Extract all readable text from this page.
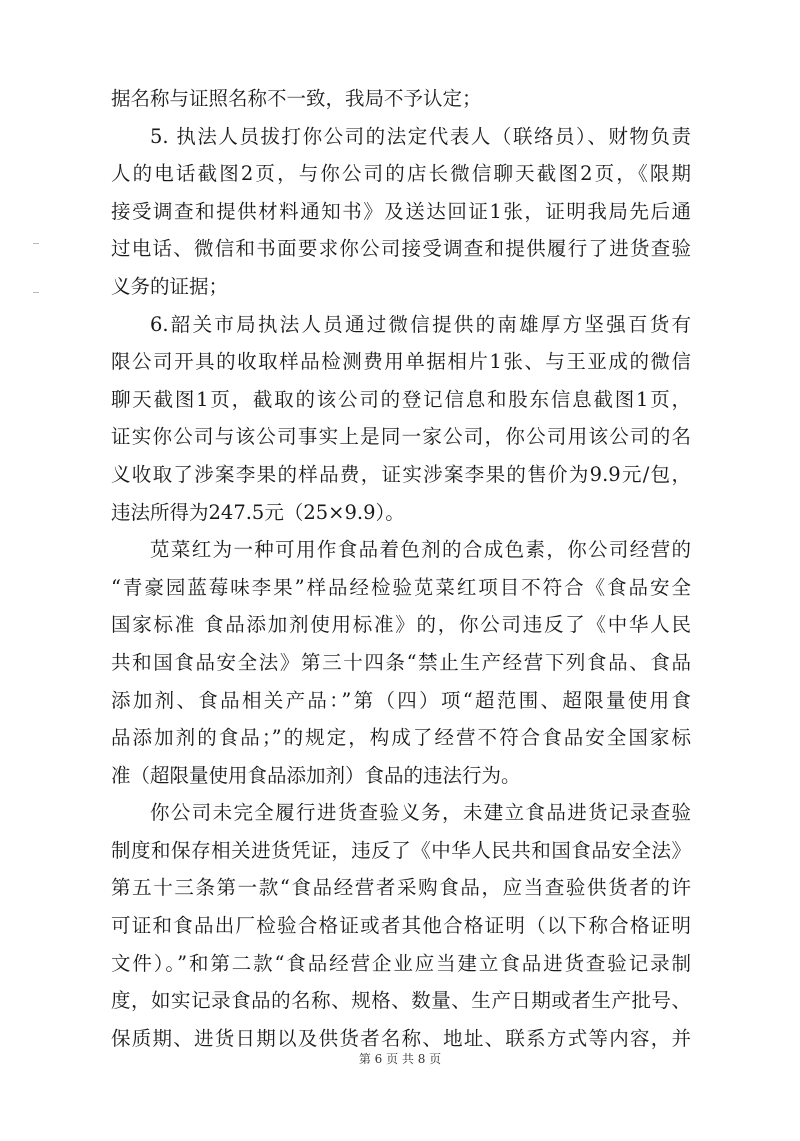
据名称与证照名称不一致，我局不予认定；
5. 执法人员拔打你公司的法定代表人（联络员）、财物负责
人的电话截图2页，与你公司的店长微信聊天截图2页，《限期
接受调查和提供材料通知书》及送达回证1张，证明我局先后通
过电话、微信和书面要求你公司接受调查和提供履行了进货查验
义务的证据；
6.韶关市局执法人员通过微信提供的南雄厚方坚强百货有
限公司开具的收取样品检测费用单据相片1张、与王亚成的微信
聊天截图1页，截取的该公司的登记信息和股东信息截图1页，
证实你公司与该公司事实上是同一家公司，你公司用该公司的名
义收取了涉案李果的样品费，证实涉案李果的售价为9.9元/包，
违法所得为247.5元（25×9.9）。
苋菜红为一种可用作食品着色剂的合成色素，你公司经营的
“青豪园蓝莓味李果”样品经检验苋菜红项目不符合《食品安全
国家标准 食品添加剂使用标准》的，你公司违反了《中华人民
共和国食品安全法》第三十四条“禁止生产经营下列食品、食品
添加剂、食品相关产品：”第（四）项“超范围、超限量使用食
品添加剂的食品；”的规定，构成了经营不符合食品安全国家标
准（超限量使用食品添加剂）食品的违法行为。
你公司未完全履行进货查验义务，未建立食品进货记录查验
制度和保存相关进货凭证，违反了《中华人民共和国食品安全法》
第五十三条第一款“食品经营者采购食品，应当查验供货者的许
可证和食品出厂检验合格证或者其他合格证明（以下称合格证明
文件）。”和第二款“食品经营企业应当建立食品进货查验记录制
度，如实记录食品的名称、规格、数量、生产日期或者生产批号、
保质期、进货日期以及供货者名称、地址、联系方式等内容，并
第 6 页 共 8 页
